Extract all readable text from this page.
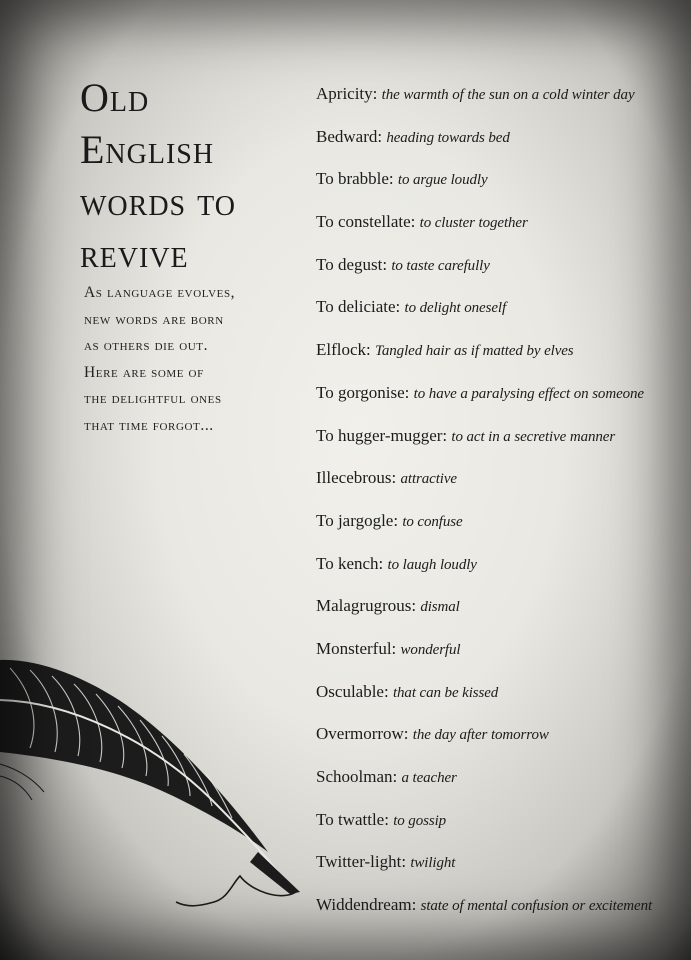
Old
English
words to
revive

As language evolves,
new words are born
as others die out.
Here are some of
the delightful ones
that time forgot...

Apricity: the warmth of the sun on a cold winter day
Bedward: heading towards bed
To brabble: to argue loudly
To constellate: to cluster together
To degust: to taste carefully
To deliciate: to delight oneself
Elflock: Tangled hair as if matted by elves
To gorgonise: to have a paralysing effect on someone
To hugger-mugger: to act in a secretive manner
Illecebrous: attractive
To jargogle: to confuse
To kench: to laugh loudly
Malagrugrous: dismal
Monsterful: wonderful
Osculable: that can be kissed
Overmorrow: the day after tomorrow
Schoolman: a teacher
To twattle: to gossip
Twitter-light: twilight
Widdendream: state of mental confusion or excitement
